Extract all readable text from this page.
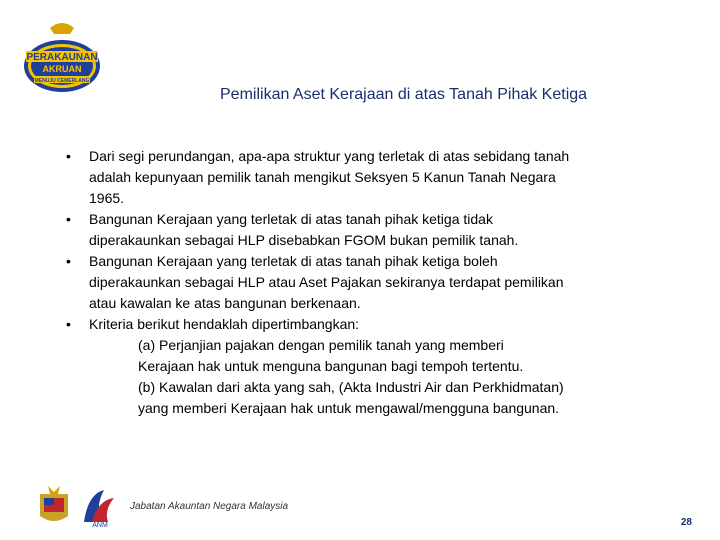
PERAKAUNAN
AKRUAN
MENUJU CEMERLANG
Pemilikan Aset Kerajaan di atas Tanah Pihak Ketiga
• Dari segi perundangan, apa-apa struktur yang terletak di atas sebidang tanah
adalah kepunyaan pemilik tanah mengikut Seksyen 5 Kanun Tanah Negara
1965.
• Bangunan Kerajaan yang terletak di atas tanah pihak ketiga tidak
diperakaunkan sebagai HLP disebabkan FGOM bukan pemilik tanah.
• Bangunan Kerajaan yang terletak di atas tanah pihak ketiga boleh
diperakaunkan sebagai HLP atau Aset Pajakan sekiranya terdapat pemilikan
atau kawalan ke atas bangunan berkenaan.
• Kriteria berikut hendaklah dipertimbangkan:
(a) Perjanjian pajakan dengan pemilik tanah yang memberi
Kerajaan hak untuk menguna bangunan bagi tempoh tertentu.
(b) Kawalan dari akta yang sah, (Akta Industri Air dan Perkhidmatan)
yang memberi Kerajaan hak untuk mengawal/mengguna bangunan.
ANM
Jabatan Akauntan Negara Malaysia
28
